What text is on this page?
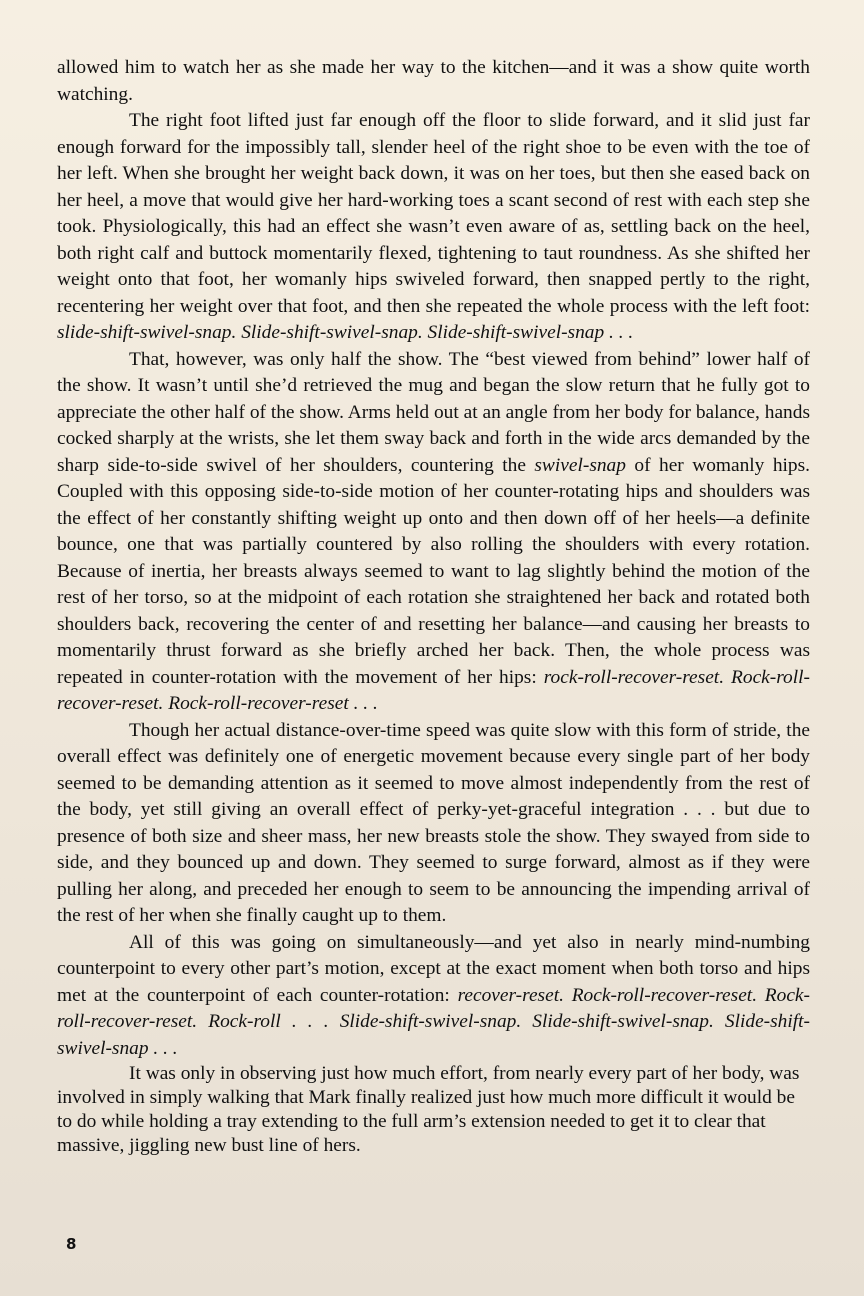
allowed him to watch her as she made her way to the kitchen—and it was a show quite worth watching.

The right foot lifted just far enough off the floor to slide forward, and it slid just far enough forward for the impossibly tall, slender heel of the right shoe to be even with the toe of her left. When she brought her weight back down, it was on her toes, but then she eased back on her heel, a move that would give her hard-working toes a scant second of rest with each step she took. Physiologically, this had an effect she wasn’t even aware of as, settling back on the heel, both right calf and buttock momentarily flexed, tightening to taut roundness. As she shifted her weight onto that foot, her womanly hips swiveled forward, then snapped pertly to the right, recentering her weight over that foot, and then she repeated the whole process with the left foot: slide-shift-swivel-snap. Slide-shift-swivel-snap. Slide-shift-swivel-snap . . .

That, however, was only half the show. The “best viewed from behind” lower half of the show. It wasn’t until she’d retrieved the mug and began the slow return that he fully got to appreciate the other half of the show. Arms held out at an angle from her body for balance, hands cocked sharply at the wrists, she let them sway back and forth in the wide arcs demanded by the sharp side-to-side swivel of her shoulders, countering the swivel-snap of her womanly hips. Coupled with this opposing side-to-side motion of her counter-rotating hips and shoulders was the effect of her constantly shifting weight up onto and then down off of her heels—a definite bounce, one that was partially countered by also rolling the shoulders with every rotation. Because of inertia, her breasts always seemed to want to lag slightly behind the motion of the rest of her torso, so at the midpoint of each rotation she straightened her back and rotated both shoulders back, recovering the center of and resetting her balance—and causing her breasts to momentarily thrust forward as she briefly arched her back. Then, the whole process was repeated in counter-rotation with the movement of her hips: rock-roll-recover-reset. Rock-roll-recover-reset. Rock-roll-recover-reset . . .

Though her actual distance-over-time speed was quite slow with this form of stride, the overall effect was definitely one of energetic movement because every single part of her body seemed to be demanding attention as it seemed to move almost independently from the rest of the body, yet still giving an overall effect of perky-yet-graceful integration . . . but due to presence of both size and sheer mass, her new breasts stole the show. They swayed from side to side, and they bounced up and down. They seemed to surge forward, almost as if they were pulling her along, and preceded her enough to seem to be announcing the impending arrival of the rest of her when she finally caught up to them.

All of this was going on simultaneously—and yet also in nearly mind-numbing counterpoint to every other part’s motion, except at the exact moment when both torso and hips met at the counterpoint of each counter-rotation: recover-reset. Rock-roll-recover-reset. Rock-roll-recover-reset. Rock-roll . . . Slide-shift-swivel-snap. Slide-shift-swivel-snap. Slide-shift-swivel-snap . . .

It was only in observing just how much effort, from nearly every part of her body, was involved in simply walking that Mark finally realized just how much more difficult it would be to do while holding a tray extending to the full arm’s extension needed to get it to clear that massive, jiggling new bust line of hers.

8
